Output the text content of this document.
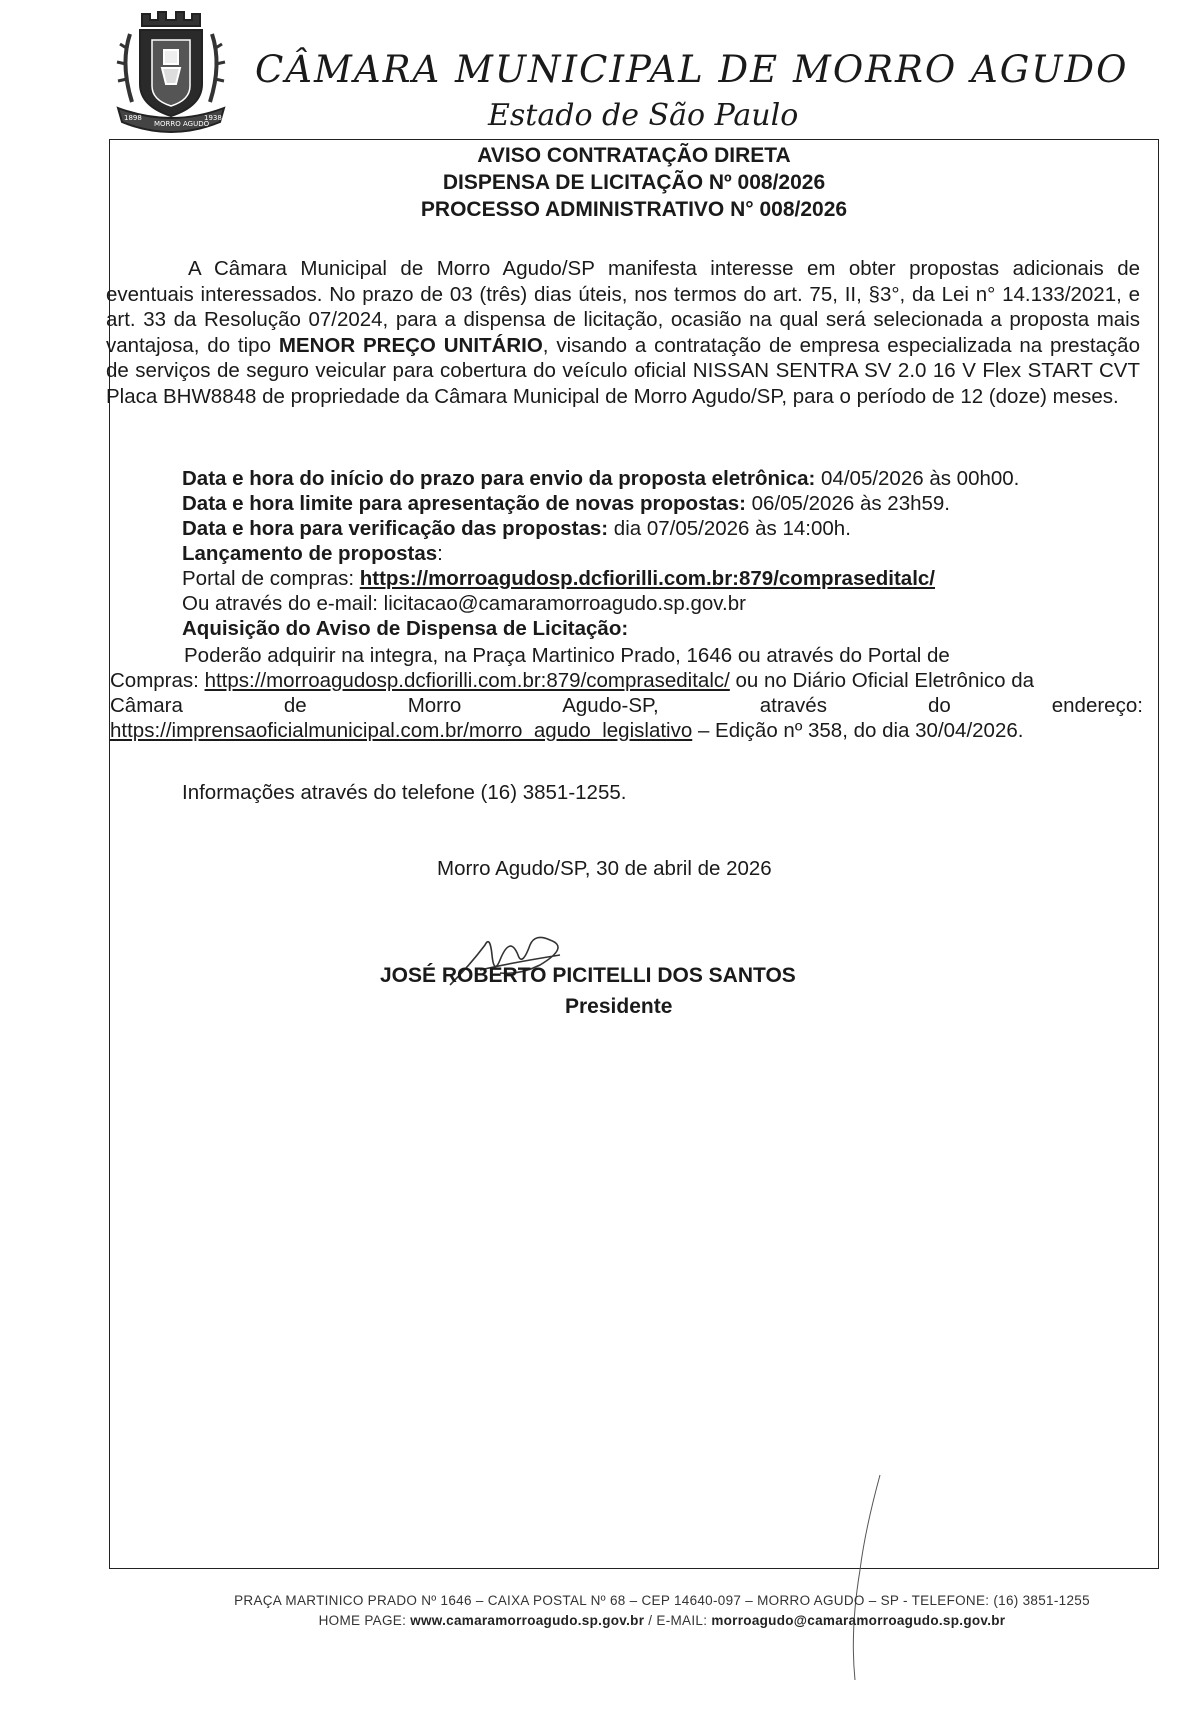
1898
MORRO AGUDO
1938
CÂMARA MUNICIPAL DE MORRO AGUDO
Estado de São Paulo
AVISO CONTRATAÇÃO DIRETA
DISPENSA DE LICITAÇÃO Nº 008/2026
PROCESSO ADMINISTRATIVO N° 008/2026

A Câmara Municipal de Morro Agudo/SP manifesta interesse em obter propostas adicionais de eventuais interessados. No prazo de 03 (três) dias úteis, nos termos do art. 75, II, §3°, da Lei n° 14.133/2021, e art. 33 da Resolução 07/2024, para a dispensa de licitação, ocasião na qual será selecionada a proposta mais vantajosa, do tipo MENOR PREÇO UNITÁRIO, visando a contratação de empresa especializada na prestação de serviços de seguro veicular para cobertura do veículo oficial NISSAN SENTRA SV 2.0 16 V Flex START CVT Placa BHW8848 de propriedade da Câmara Municipal de Morro Agudo/SP, para o período de 12 (doze) meses.

Data e hora do início do prazo para envio da proposta eletrônica: 04/05/2026 às 00h00.
Data e hora limite para apresentação de novas propostas: 06/05/2026 às 23h59.
Data e hora para verificação das propostas: dia 07/05/2026 às 14:00h.
Lançamento de propostas:
Portal de compras: https://morroagudosp.dcfiorilli.com.br:879/compraseditalc/
Ou através do e-mail: licitacao@camaramorroagudo.sp.gov.br
Aquisição do Aviso de Dispensa de Licitação:
Poderão adquirir na integra, na Praça Martinico Prado, 1646 ou através do Portal de
Compras: https://morroagudosp.dcfiorilli.com.br:879/compraseditalc/ ou no Diário Oficial Eletrônico da
Câmara	de	Morro	Agudo-SP,	através	do	endereço:
https://imprensaoficialmunicipal.com.br/morro_agudo_legislativo – Edição nº 358, do dia 30/04/2026.
Informações através do telefone (16) 3851-1255.
Morro Agudo/SP, 30 de abril de 2026
JOSÉ ROBERTO PICITELLI DOS SANTOS
Presidente
PRAÇA MARTINICO PRADO Nº 1646 – CAIXA POSTAL Nº 68 – CEP 14640-097 – MORRO AGUDO – SP - TELEFONE: (16) 3851-1255
HOME PAGE: www.camaramorroagudo.sp.gov.br / E-MAIL: morroagudo@camaramorroagudo.sp.gov.br
